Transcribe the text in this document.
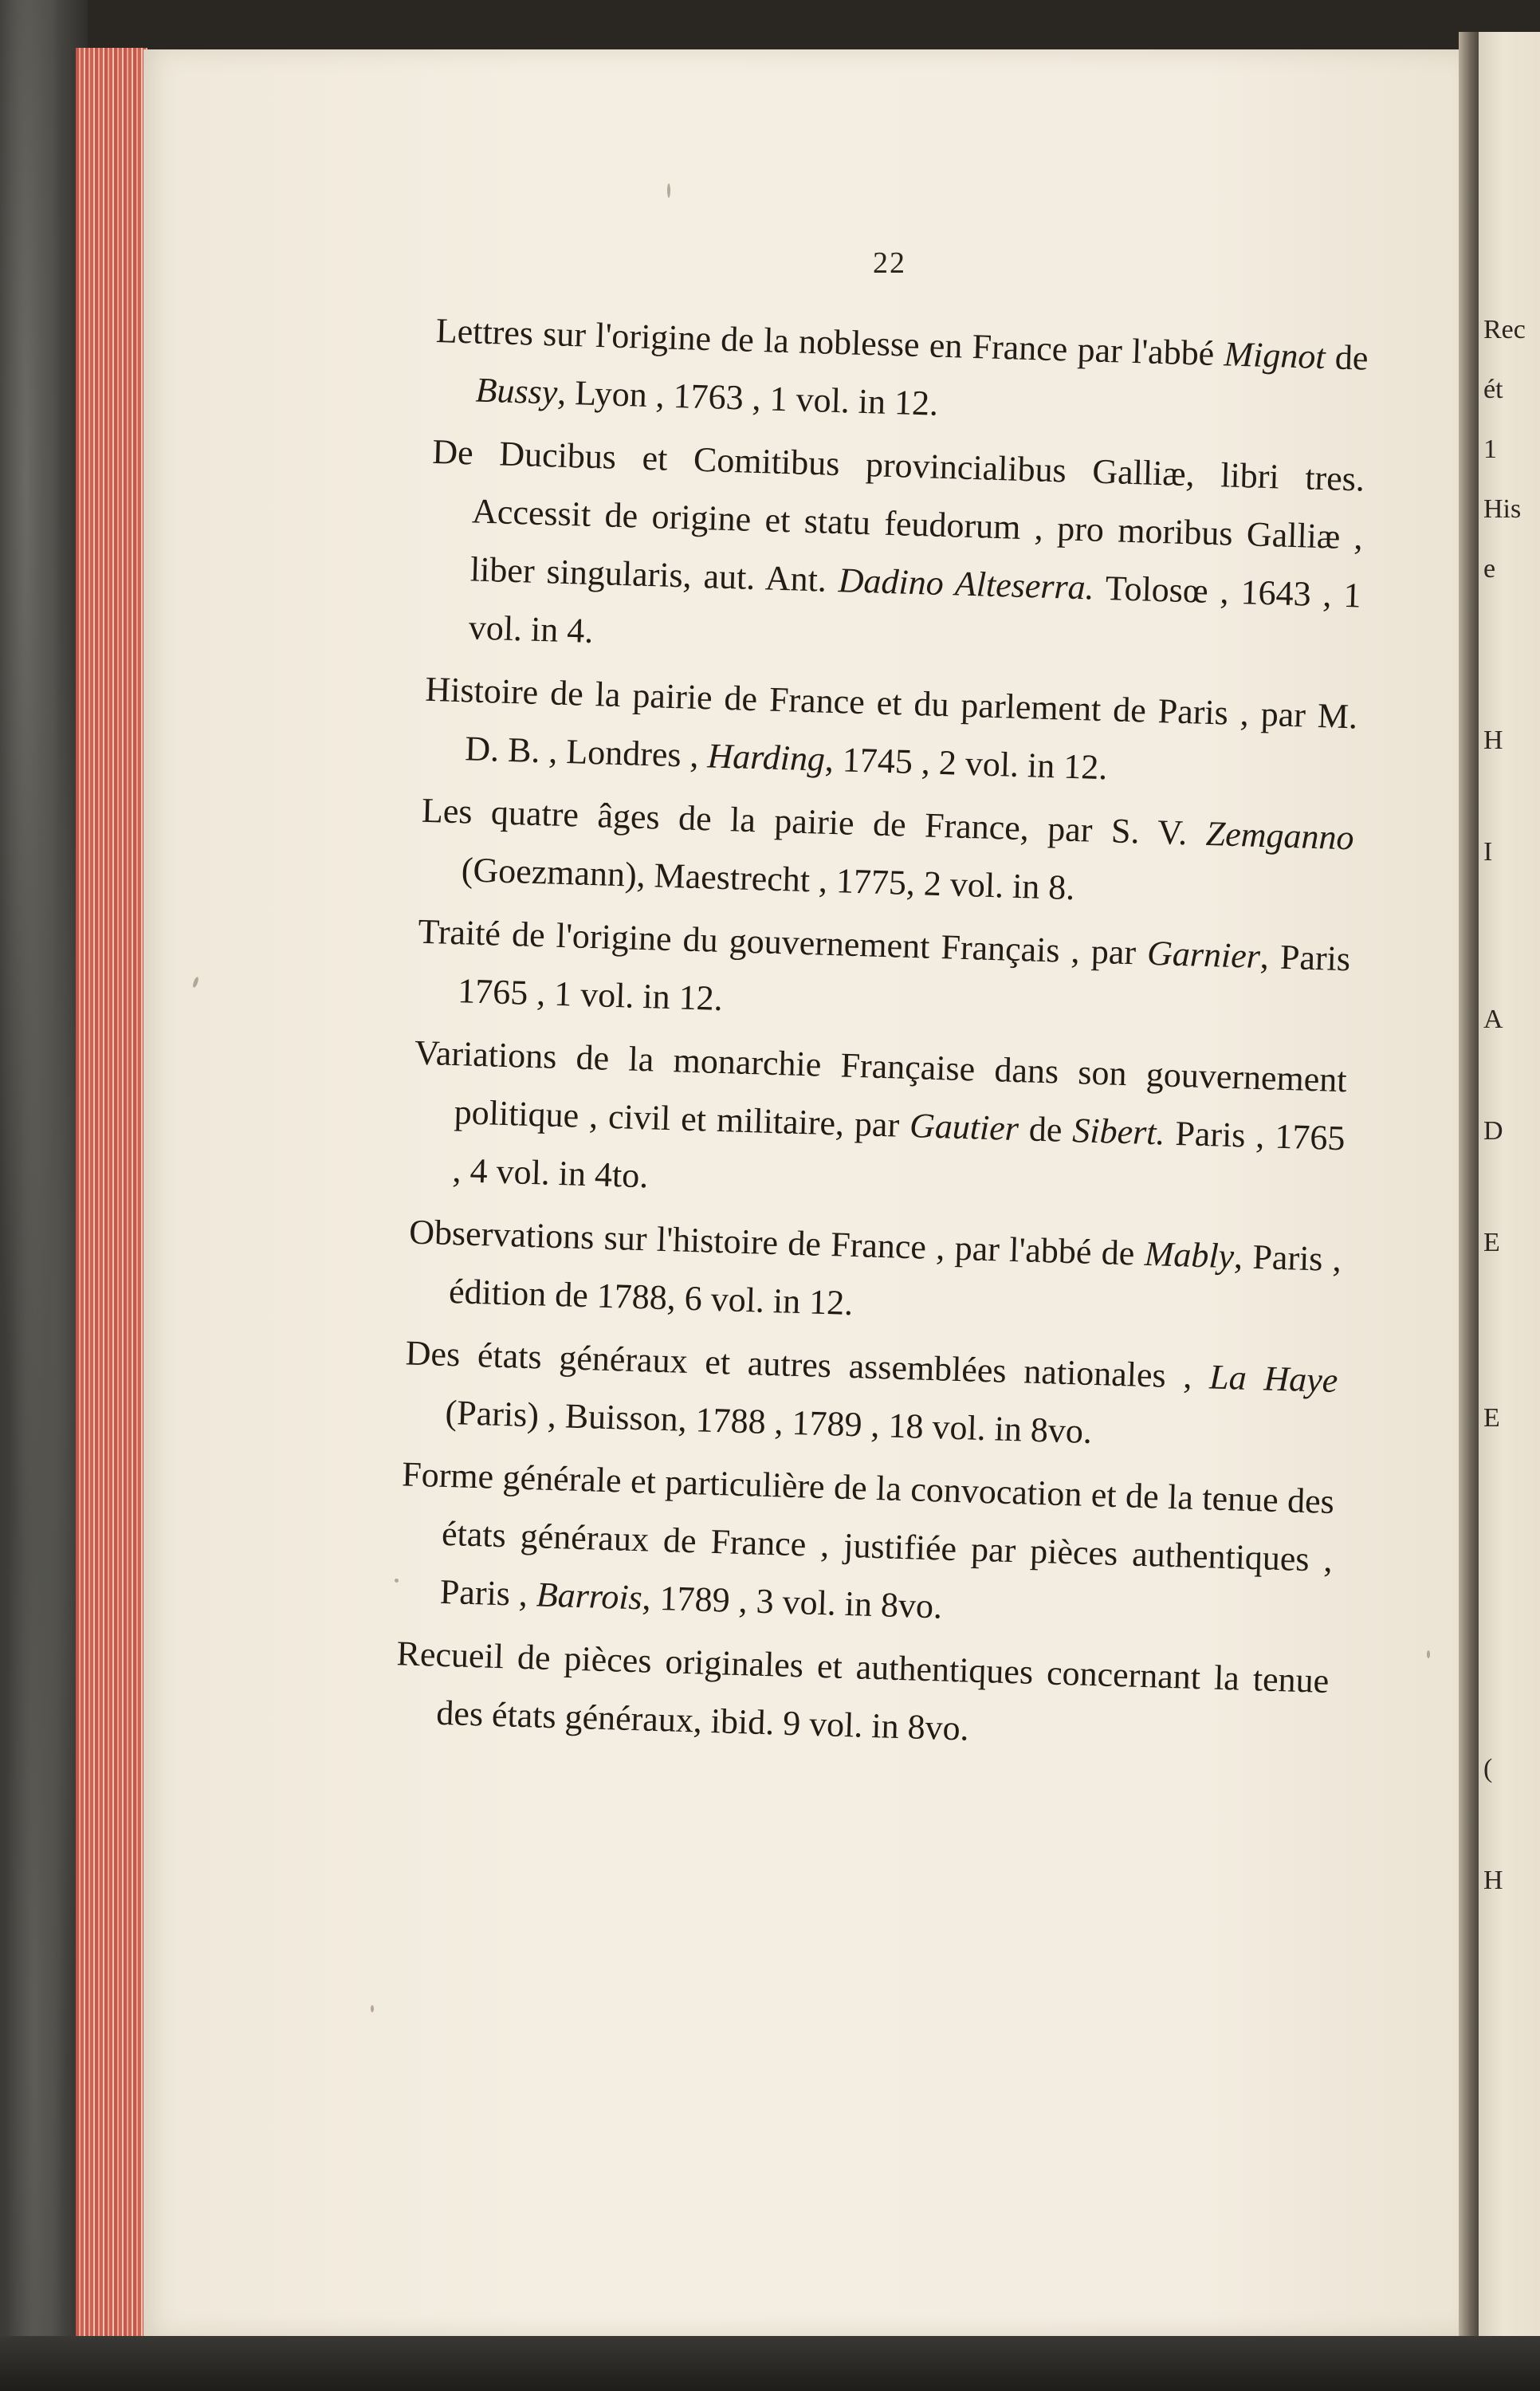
Rec
ét
1
His
e
H
I
A
D
E
E
(
H
22

Lettres sur l'origine de la noblesse en France par l'abbé Mignot de Bussy, Lyon , 1763 , 1 vol. in 12.

De Ducibus et Comitibus provincialibus Galliæ, libri tres. Accessit de origine et statu feudorum , pro moribus Galliæ , liber singularis, aut. Ant. Dadino Alteserra. Tolosœ , 1643 , 1 vol. in 4.

Histoire de la pairie de France et du parlement de Paris , par M. D. B. , Londres , Harding, 1745 , 2 vol. in 12.

Les quatre âges de la pairie de France, par S. V. Zemganno (Goezmann), Maestrecht , 1775, 2 vol. in 8.

Traité de l'origine du gouvernement Français , par Garnier, Paris 1765 , 1 vol. in 12.

Variations de la monarchie Française dans son gouvernement politique , civil et militaire, par Gautier de Sibert. Paris , 1765 , 4 vol. in 4to.

Observations sur l'histoire de France , par l'abbé de Mably, Paris , édition de 1788, 6 vol. in 12.

Des états généraux et autres assemblées nationales , La Haye (Paris) , Buisson, 1788 , 1789 , 18 vol. in 8vo.

Forme générale et particulière de la convocation et de la tenue des états généraux de France , justifiée par pièces authentiques , Paris , Barrois, 1789 , 3 vol. in 8vo.

Recueil de pièces originales et authentiques concernant la tenue des états généraux, ibid. 9 vol. in 8vo.
